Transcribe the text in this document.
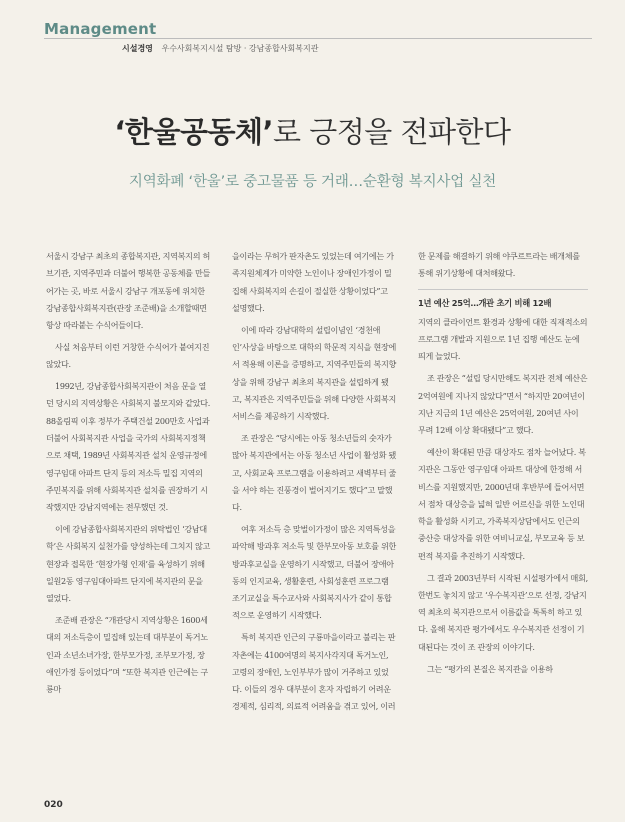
Management
시설경영 우수사회복지시설 탐방 · 강남종합사회복지관
‘한울공동체’로 긍정을 전파한다
지역화폐 ‘한울’로 중고물품 등 거래…순환형 복지사업 실천

서울시 강남구 최초의 종합복지관, 지역복지의 허브기관, 지역주민과 더불어 행복한 공동체를 만들어가는 곳, 바로 서울시 강남구 개포동에 위치한 강남종합사회복지관(관장 조준배)을 소개할때면 항상 따라붙는 수식어들이다.

사실 처음부터 이런 거창한 수식어가 붙여지진 않았다.

1992년, 강남종합사회복지관이 처음 문을 열던 당시의 지역상황은 사회복지 불모지와 같았다. 88올림픽 이후 정부가 주택건설 200만호 사업과 더불어 사회복지관 사업을 국가의 사회복지정책으로 채택, 1989년 사회복지관 설치 운영규정에 영구임대 아파트 단지 등의 저소득 밀집 지역의 주민복지를 위해 사회복지관 설치를 권장하기 시작했지만 강남지역에는 전무했던 것.

이에 강남종합사회복지관의 위탁법인 ‘강남대학’은 사회복지 실천가를 양성하는데 그치지 않고 현장과 접목한 ‘현장가형 인재’를 육성하기 위해 일원2동 영구임대아파트 단지에 복지관의 문을 열었다.

조준배 관장은 “개관당시 지역상황은 1600세대의 저소득층이 밀집해 있는데 대부분이 독거노인과 소년소녀가장, 한부모가정, 조부모가정, 장애인가정 등이었다”며 “또한 복지관 인근에는 구룡마

을이라는 무허가 판자촌도 있었는데 여기에는 가족지원체계가 미약한 노인이나 장애인가정이 밀집해 사회복지의 손길이 절실한 상황이었다”고 설명했다.

이에 따라 강남대학의 설립이념인 ‘경천애인’사상을 바탕으로 대학의 학문적 지식을 현장에서 적용해 이론을 증명하고, 지역주민들의 복지향상을 위해 강남구 최초의 복지관을 설립하게 됐고, 복지관은 지역주민들을 위해 다양한 사회복지서비스를 제공하기 시작했다.

조 관장은 “당시에는 아동 청소년들의 숫자가 많아 복지관에서는 아동 청소년 사업이 활성화 됐고, 사회교육 프로그램을 이용하려고 새벽부터 줄을 서야 하는 진풍경이 벌어지기도 했다”고 말했다.

여후 저소득 층 맞벌이가정이 많은 지역특성을 파악해 방과후 저소득 및 한부모아동 보호를 위한 방과후교실을 운영하기 시작했고, 더불어 장애아동의 인지교육, 생활훈련, 사회성훈련 프로그램 조기교실을 특수교사와 사회복지사가 같이 통합적으로 운영하기 시작했다.

특히 복지관 인근의 구룡마을이라고 불리는 판자촌에는 4100여명의 복지사각지대 독거노인, 고령의 장애인, 노인부부가 많이 거주하고 있었다. 이들의 경우 대부분이 혼자 자립하기 어려운 경제적, 심리적, 의료적 어려움을 겪고 있어, 이러

한 문제를 해결하기 위해 야쿠르트라는 배개체를 통해 위기상황에 대처해왔다.

1년 예산 25억…개관 초기 비해 12배

지역의 클라이언트 환경과 상황에 대한 직재적소의 프로그램 개발과 지원으로 1년 집행 예산도 눈에 띄게 늘었다.

조 관장은 “설립 당시만해도 복지관 전체 예산은 2억여원에 지나지 않았다”면서 “하지만 20여년이 지난 지금의 1년 예산은 25억여원, 20여년 사이 무려 12배 이상 확대됐다”고 했다.

예산이 확대된 만큼 대상자도 점차 늘어났다. 복지관은 그동안 영구임대 아파트 대상에 한정해 서비스를 지원했지만, 2000년대 후반부에 들어서면서 점차 대상층을 넓혀 일반 어르신을 위한 노인대학을 활성화 시키고, 가족복지상담에서도 인근의 중산층 대상자를 위한 여비니교실, 부모교육 등 보편적 복지를 추진하기 시작했다.

그 결과 2003년부터 시작된 시설평가에서 매회, 한번도 놓치지 않고 ‘우수복지관’으로 선정, 강남지역 최초의 복지관으로서 이름값을 톡톡히 하고 있다. 올해 복지관 평가에서도 우수복지관 선정이 기대된다는 것이 조 관장의 이야기다.

그는 “평가의 본질은 복지관을 이용하

020
